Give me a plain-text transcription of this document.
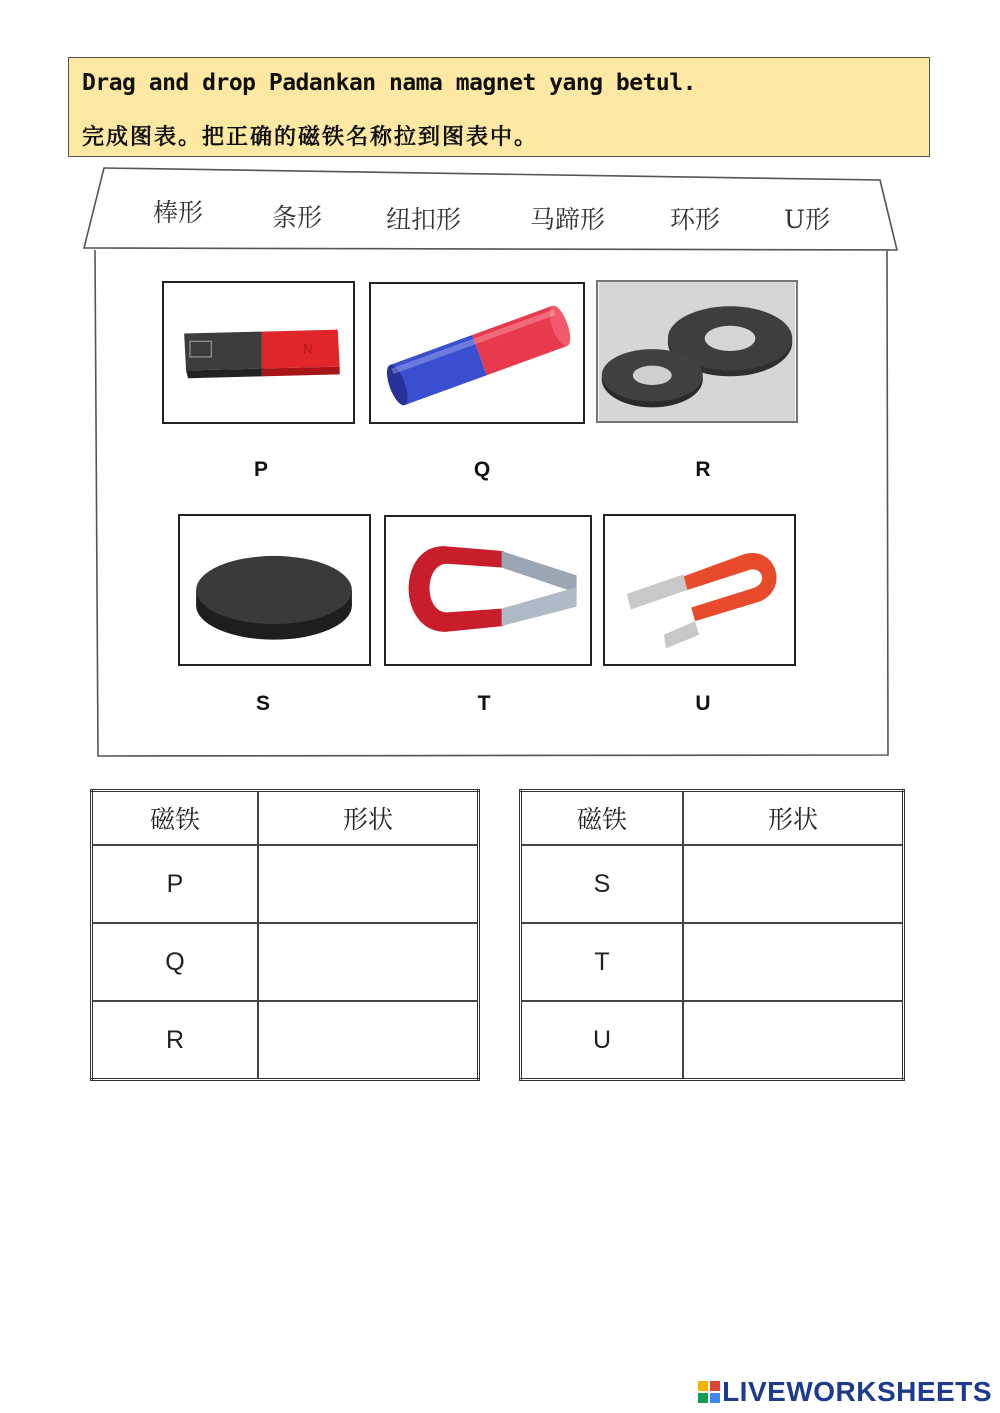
Drag and drop Padankan nama magnet yang betul.
完成图表。把正确的磁铁名称拉到图表中。
棒形	条形	纽扣形	马蹄形	环形	U形
N
P	Q	R
S	T	U
磁铁	形状
P	
Q	
R	
磁铁	形状
S	
T	
U	
LIVEWORKSHEETS
